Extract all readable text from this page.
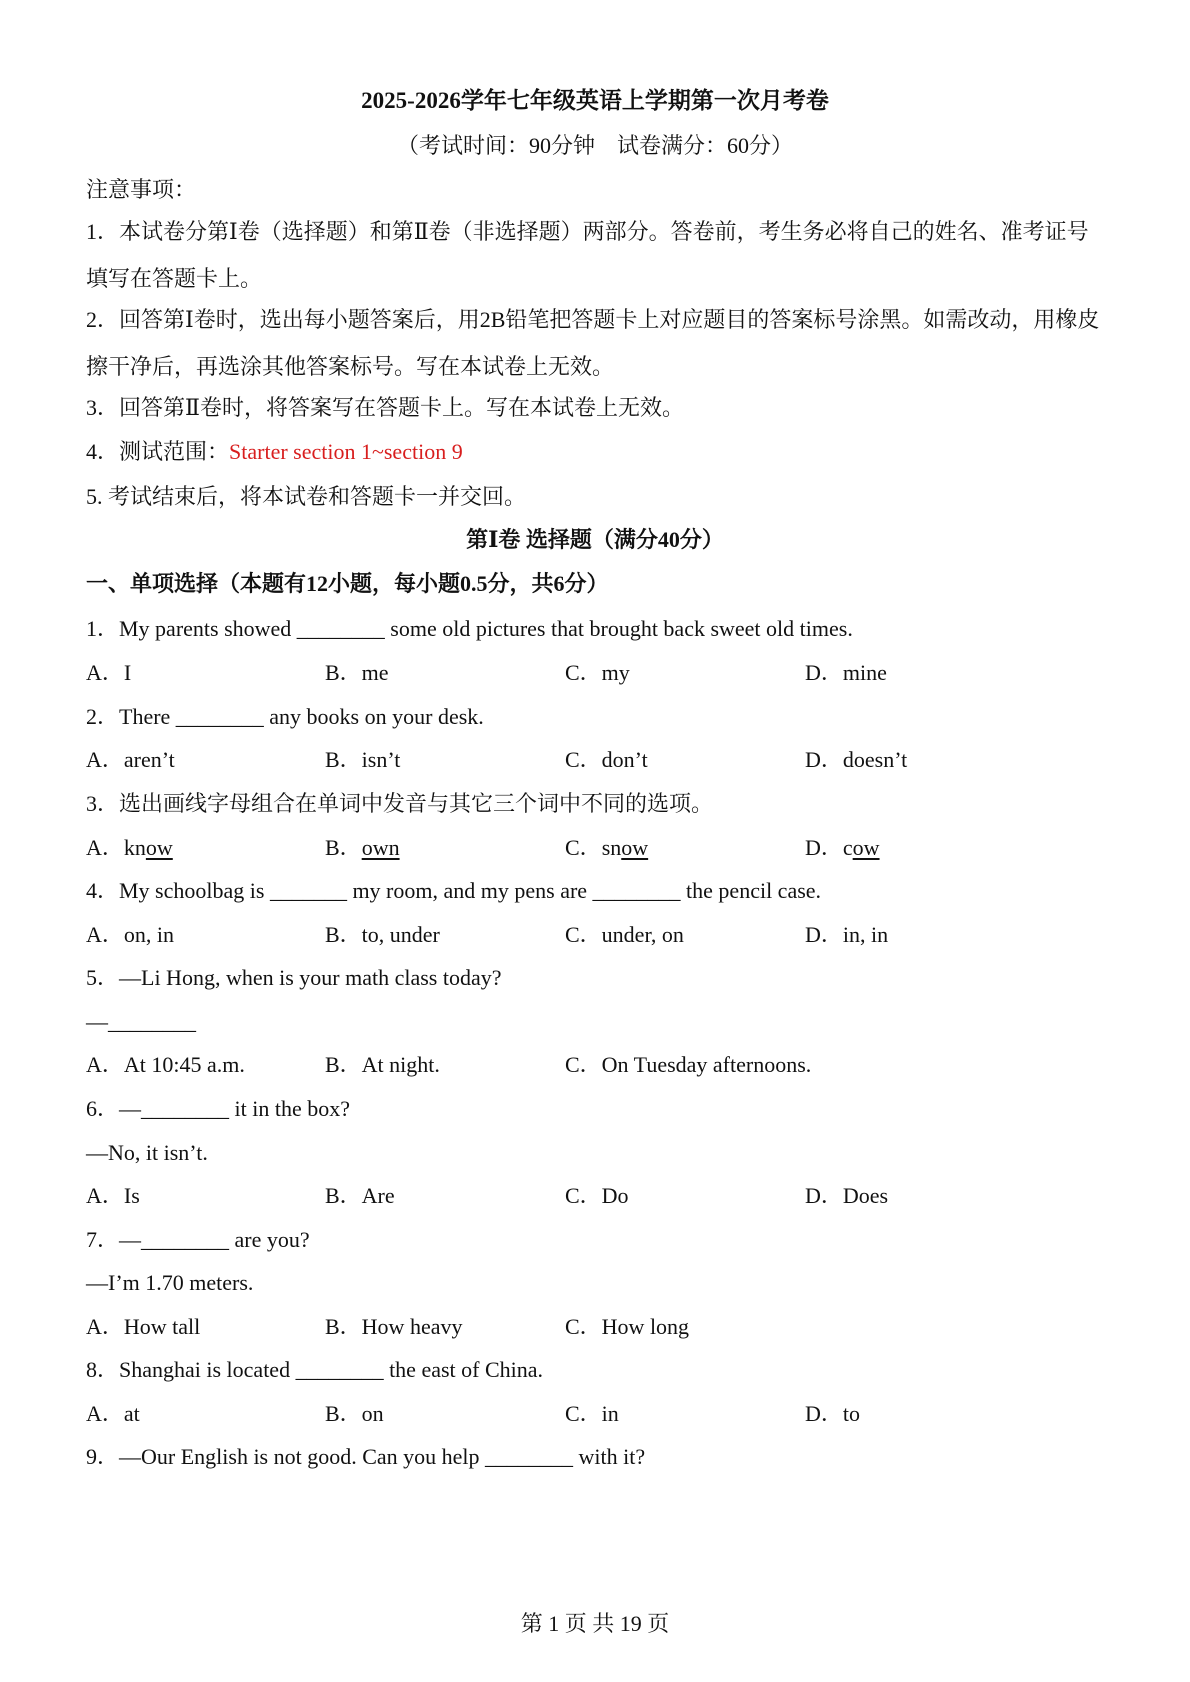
2025-2026学年七年级英语上学期第一次月考卷
（考试时间：90分钟　试卷满分：60分）
注意事项：
1．本试卷分第Ⅰ卷（选择题）和第Ⅱ卷（非选择题）两部分。答卷前，考生务必将自己的姓名、准考证号填写在答题卡上。
2．回答第Ⅰ卷时，选出每小题答案后，用2B铅笔把答题卡上对应题目的答案标号涂黑。如需改动，用橡皮擦干净后，再选涂其他答案标号。写在本试卷上无效。
3．回答第Ⅱ卷时，将答案写在答题卡上。写在本试卷上无效。
4．测试范围：Starter section 1~section 9
5. 考试结束后，将本试卷和答题卡一并交回。
第Ⅰ卷 选择题（满分40分）
一、单项选择（本题有12小题，每小题0.5分，共6分）
1．My parents showed ________ some old pictures that brought back sweet old times.
A．I	B．me	C．my	D．mine
2．There ________ any books on your desk.
A．aren’t	B．isn’t	C．don’t	D．doesn’t
3．选出画线字母组合在单词中发音与其它三个词中不同的选项。
A．know	B．own	C．snow	D．cow
4．My schoolbag is _______ my room, and my pens are ________ the pencil case.
A．on, in	B．to, under	C．under, on	D．in, in
5．—Li Hong, when is your math class today?
—________
A．At 10:45 a.m.	B．At night.	C．On Tuesday afternoons.
6．—________ it in the box?
—No, it isn’t.
A．Is	B．Are	C．Do	D．Does
7．—________ are you?
—I’m 1.70 meters.
A．How tall	B．How heavy	C．How long
8．Shanghai is located ________ the east of China.
A．at	B．on	C．in	D．to
9．—Our English is not good. Can you help ________ with it?
第 1 页 共 19 页
